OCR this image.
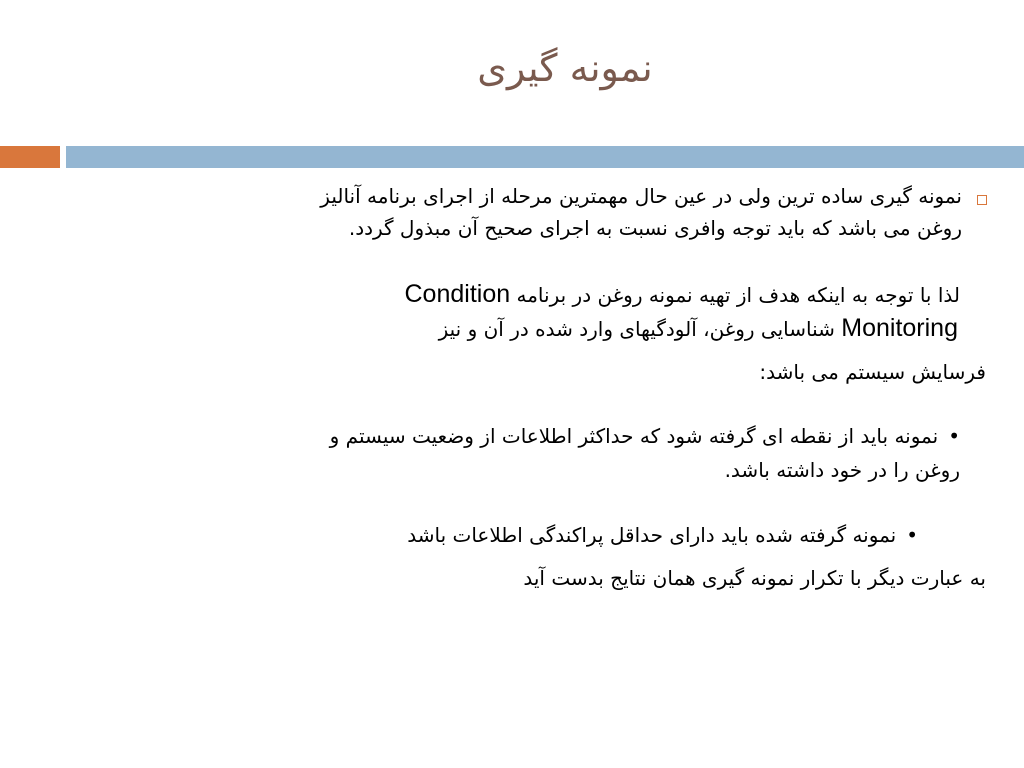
نمونه گیری
نمونه گیری ساده ترین ولی در عین حال مهمترین مرحله از اجرای برنامه آنالیز
روغن می باشد که باید توجه وافری نسبت به اجرای صحیح آن مبذول گردد.
لذا با توجه به اینکه هدف از تهیه نمونه روغن در برنامه Condition
Monitoring شناسایی روغن، آلودگیهای وارد شده در آن و نیز
فرسایش سیستم می باشد:
•نمونه باید از نقطه ای گرفته شود که حداکثر اطلاعات از وضعیت سیستم و
روغن را در خود داشته باشد.
•نمونه گرفته شده باید دارای حداقل پراکندگی اطلاعات باشد
به عبارت دیگر با تکرار نمونه گیری همان نتایج بدست آید
